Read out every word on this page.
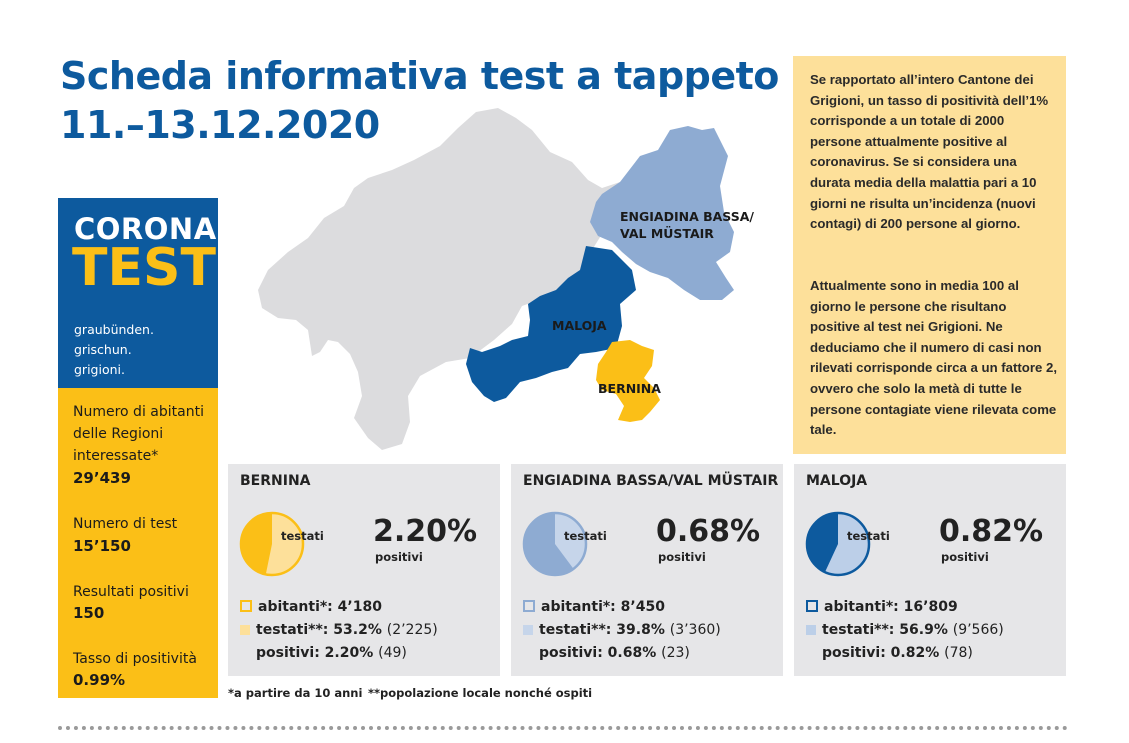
Scheda informativa test a tappeto
11.–13.12.2020
ENGIADINA BASSA/
VAL MÜSTAIR
MALOJA
BERNINA
CORONA
TEST
graubünden.
grischun.
grigioni.
Numero di abitanti delle Regioni interessate*
29’439
Numero di test
15’150
Resultati positivi
150
Tasso di positività
0.99%

Se rapportato all’intero Cantone dei Grigioni, un tasso di positività dell’1% corrisponde a un totale di 2000 persone attualmente positive al coronavirus. Se si considera una durata media della malattia pari a 10 giorni ne risulta un’incidenza (nuovi contagi) di 200 persone al giorno.

Attualmente sono in media 100 al giorno le persone che risultano positive al test nei Grigioni. Ne deduciamo che il numero di casi non rilevati corrisponde circa a un fattore 2, ovvero che solo la metà di tutte le persone contagiate viene rilevata come tale.

BERNINA
testati 2.20%
positivi
abitanti*: 4’180
testati**: 53.2% (2’225)
positivi: 2.20% (49)
ENGIADINA BASSA/VAL MÜSTAIR
testati 0.68%
positivi
abitanti*: 8’450
testati**: 39.8% (3’360)
positivi: 0.68% (23)
MALOJA
testati 0.82%
positivi
abitanti*: 16’809
testati**: 56.9% (9’566)
positivi: 0.82% (78)
*a partire da 10 anni **popolazione locale nonché ospiti
